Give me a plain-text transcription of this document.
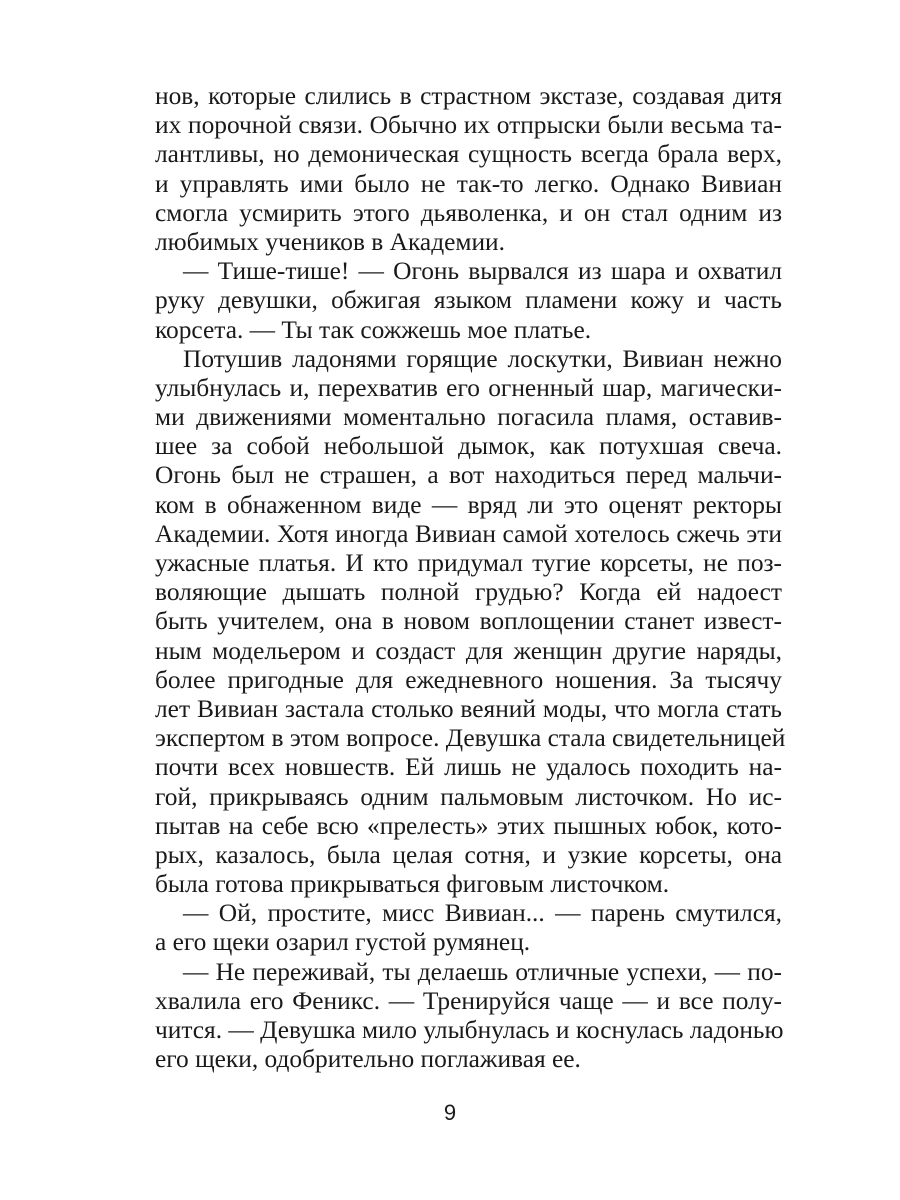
нов, которые слились в страстном экстазе, создавая дитя
их порочной связи. Обычно их отпрыски были весьма та-
лантливы, но демоническая сущность всегда брала верх,
и управлять ими было не так-то легко. Однако Вивиан
смогла усмирить этого дьяволенка, и он стал одним из
любимых учеников в Академии.
— Тише-тише! — Огонь вырвался из шара и охватил
руку девушки, обжигая языком пламени кожу и часть
корсета. — Ты так сожжешь мое платье.
Потушив ладонями горящие лоскутки, Вивиан нежно
улыбнулась и, перехватив его огненный шар, магически-
ми движениями моментально погасила пламя, оставив-
шее за собой небольшой дымок, как потухшая свеча.
Огонь был не страшен, а вот находиться перед мальчи-
ком в обнаженном виде — вряд ли это оценят ректоры
Академии. Хотя иногда Вивиан самой хотелось сжечь эти
ужасные платья. И кто придумал тугие корсеты, не поз-
воляющие дышать полной грудью? Когда ей надоест
быть учителем, она в новом воплощении станет извест-
ным модельером и создаст для женщин другие наряды,
более пригодные для ежедневного ношения. За тысячу
лет Вивиан застала столько веяний моды, что могла стать
экспертом в этом вопросе. Девушка стала свидетельницей
почти всех новшеств. Ей лишь не удалось походить на-
гой, прикрываясь одним пальмовым листочком. Но ис-
пытав на себе всю «прелесть» этих пышных юбок, кото-
рых, казалось, была целая сотня, и узкие корсеты, она
была готова прикрываться фиговым листочком.
— Ой, простите, мисс Вивиан... — парень смутился,
а его щеки озарил густой румянец.
— Не переживай, ты делаешь отличные успехи, — по-
хвалила его Феникс. — Тренируйся чаще — и все полу-
чится. — Девушка мило улыбнулась и коснулась ладонью
его щеки, одобрительно поглаживая ее.
9
